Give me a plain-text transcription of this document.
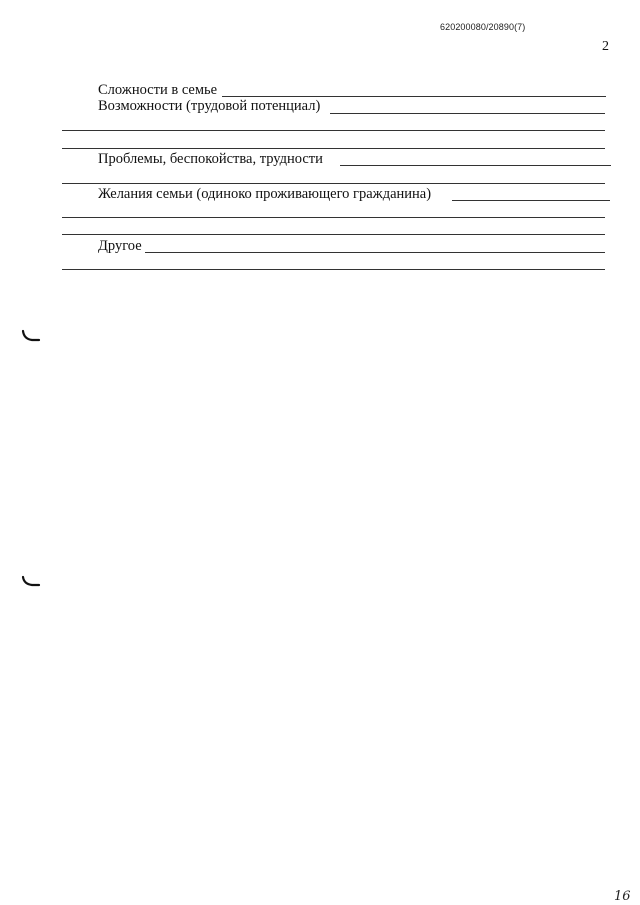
620200080/20890(7)
2
Сложности в семье
Возможности (трудовой потенциал)
Проблемы, беспокойства, трудности
Желания семьи (одиноко проживающего гражданина)
Другое
16
